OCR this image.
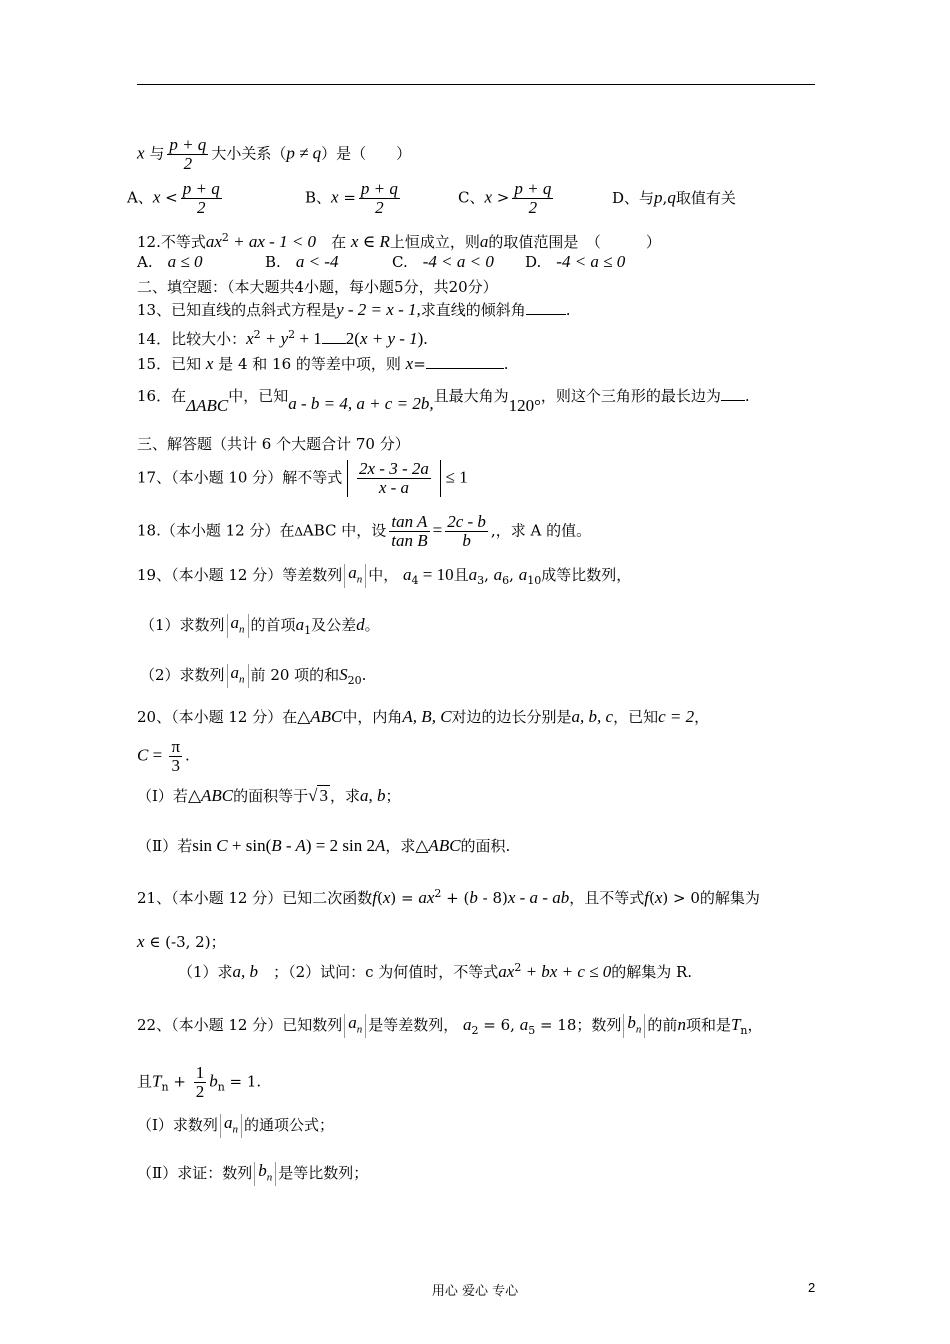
x 与 $\frac{p + q}{2}$ 大小关系（p ≠ q）是（　　）
A、$x < \frac{p + q}{2}$	B、$x = \frac{p + q}{2}$	C、$x > \frac{p + q}{2}$	D、与p,q取值有关
12.不等式$ax^2$ + ax - 1 < 0　 在 x ∈ R上恒成立，则a的取值范围是　（　　　）
A.　 a ≤ 0	B.　 a < -4	C.　 -4 < a < 0 D.　 -4 < a ≤ 0
二、填空题：（本大题共4小题，每小题5分，共20分）
13、已知直线的点斜式方程是y - 2 = x - 1,求直线的倾斜角	.
14．比较大小：$x^2 + y^2 + 1$ 2(x + y - 1).
15．已知 x 是 4 和 16 的等差中项，则 x=	.
16．在ΔABC中，已知a - b = 4, a + c = 2b,且最大角为120°，则这个三角形的最长边为 .
三、解答题（共计 6 个大题合计 70 分）
17、（本小题 10 分）解不等式 $\frac{2x - 3 - 2a}{x - a} \le 1$
18.（本小题 12 分）在ΔABC 中，设 $\frac{\text{tan A}}{\text{tan B}} = \frac{2c - b}{b}$ ,，求 A 的值。
19、（本小题 12 分）等差数列 $a_n$ 中， $a_4 = 10$且$a_3$, $a_6$, $a_{10}$成等比数列，
（1）求数列 $a_n$ 的首项$a_1$及公差d。
（2）求数列 $a_n$ 前 20 项的和$S_{20}$.
20、（本小题 12 分）在△ABC中，内角A, B, C对边的边长分别是a, b, c，已知c = 2，
$C = \frac{\pi}{3}$ .
（Ⅰ）若△ABC的面积等于√ 3 ，求a, b；
（Ⅱ）若sin C + sin(B - A) = 2 sin 2A，求△ABC的面积.
21、（本小题 12 分）已知二次函数$f(x) = ax^2 + (b - 8)x - a$ - ab，且不等式f(x) > 0的解集为
x ∈ (-3, 2)；
（1）求a, b　 ；（2）试问：c 为何值时，不等式$ax^2$ + bx + c ≤ 0的解集为 R.
22、（本小题 12 分）已知数列 $a_n$ 是等差数列， $a_2 = 6$, $a_5 = 18$；数列 $b_n$ 的前n项和是$T_n$，
且$T_n + \frac{1}{2} b_n = 1$.
（Ⅰ）求数列 $a_n$ 的通项公式；
（Ⅱ）求证：数列 $b_n$ 是等比数列；
用心 爱心 专心	2
